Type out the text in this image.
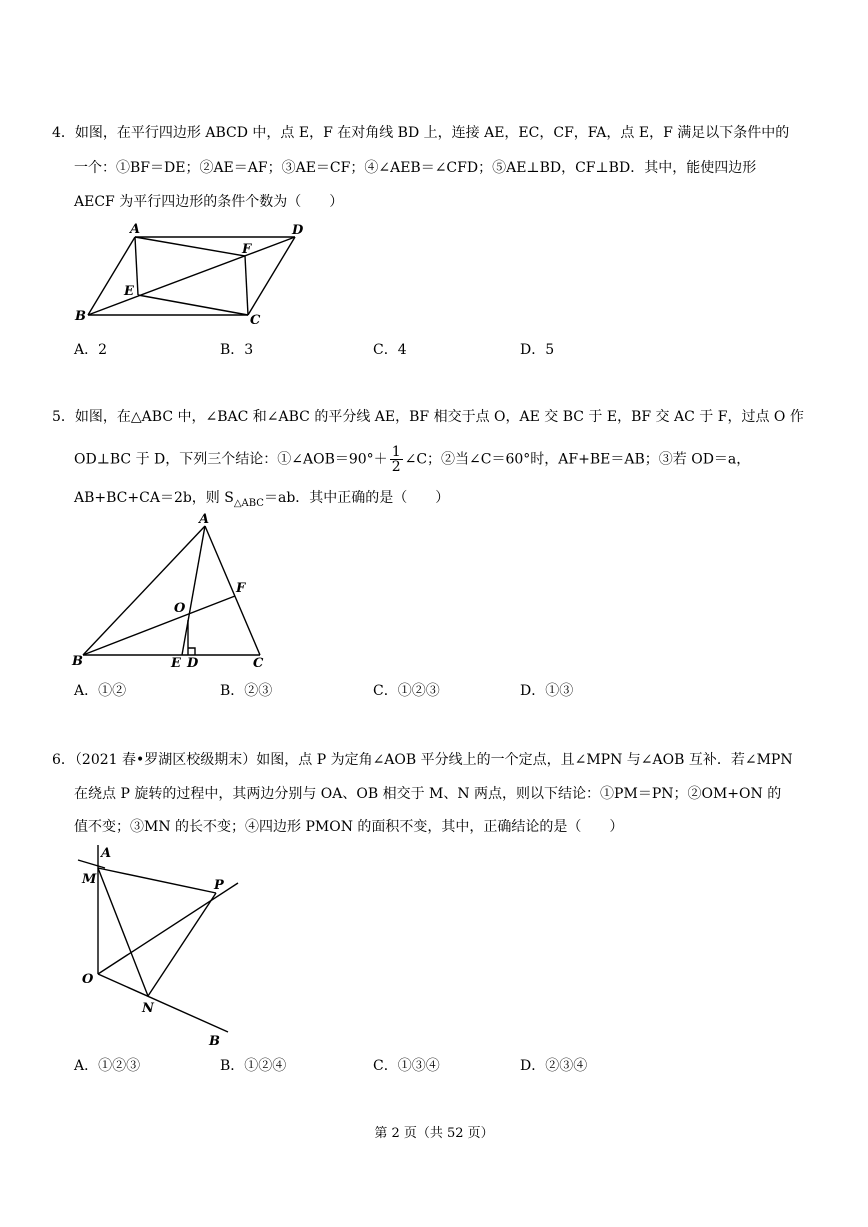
4．如图，在平行四边形 ABCD 中，点 E，F 在对角线 BD 上，连接 AE，EC，CF，FA，点 E，F 满足以下条件中的
一个：①BF＝DE；②AE＝AF；③AE＝CF；④∠AEB＝∠CFD；⑤AE⊥BD，CF⊥BD．其中，能使四边形
AECF 为平行四边形的条件个数为（　　）
A	D
F
E
B	C
A．2	B．3	C．4	D．5
5．如图，在△ABC 中，∠BAC 和∠ABC 的平分线 AE，BF 相交于点 O，AE 交 BC 于 E，BF 交 AC 于 F，过点 O 作
OD⊥BC 于 D，下列三个结论：①∠AOB＝90°＋ $\frac{1}{2}$ ∠C；②当∠C＝60°时，AF+BE＝AB；③若 OD＝a，
AB+BC+CA＝2b，则 $S_{\triangle ABC}=ab$．其中正确的是（　　）
A
F
O
B	E D	C
A．①②	B．②③	C．①②③	D．①③
6．（2021 春•罗湖区校级期末）如图，点 P 为定角∠AOB 平分线上的一个定点，且∠MPN 与∠AOB 互补．若∠MPN
在绕点 P 旋转的过程中，其两边分别与 OA、OB 相交于 M、N 两点，则以下结论：①PM＝PN；②OM+ON 的
值不变；③MN 的长不变；④四边形 PMON 的面积不变，其中，正确结论的是（　　）
A
M	P
O
N
B
A．①②③	B．①②④	C．①③④	D．②③④
第 2 页（共 52 页）
